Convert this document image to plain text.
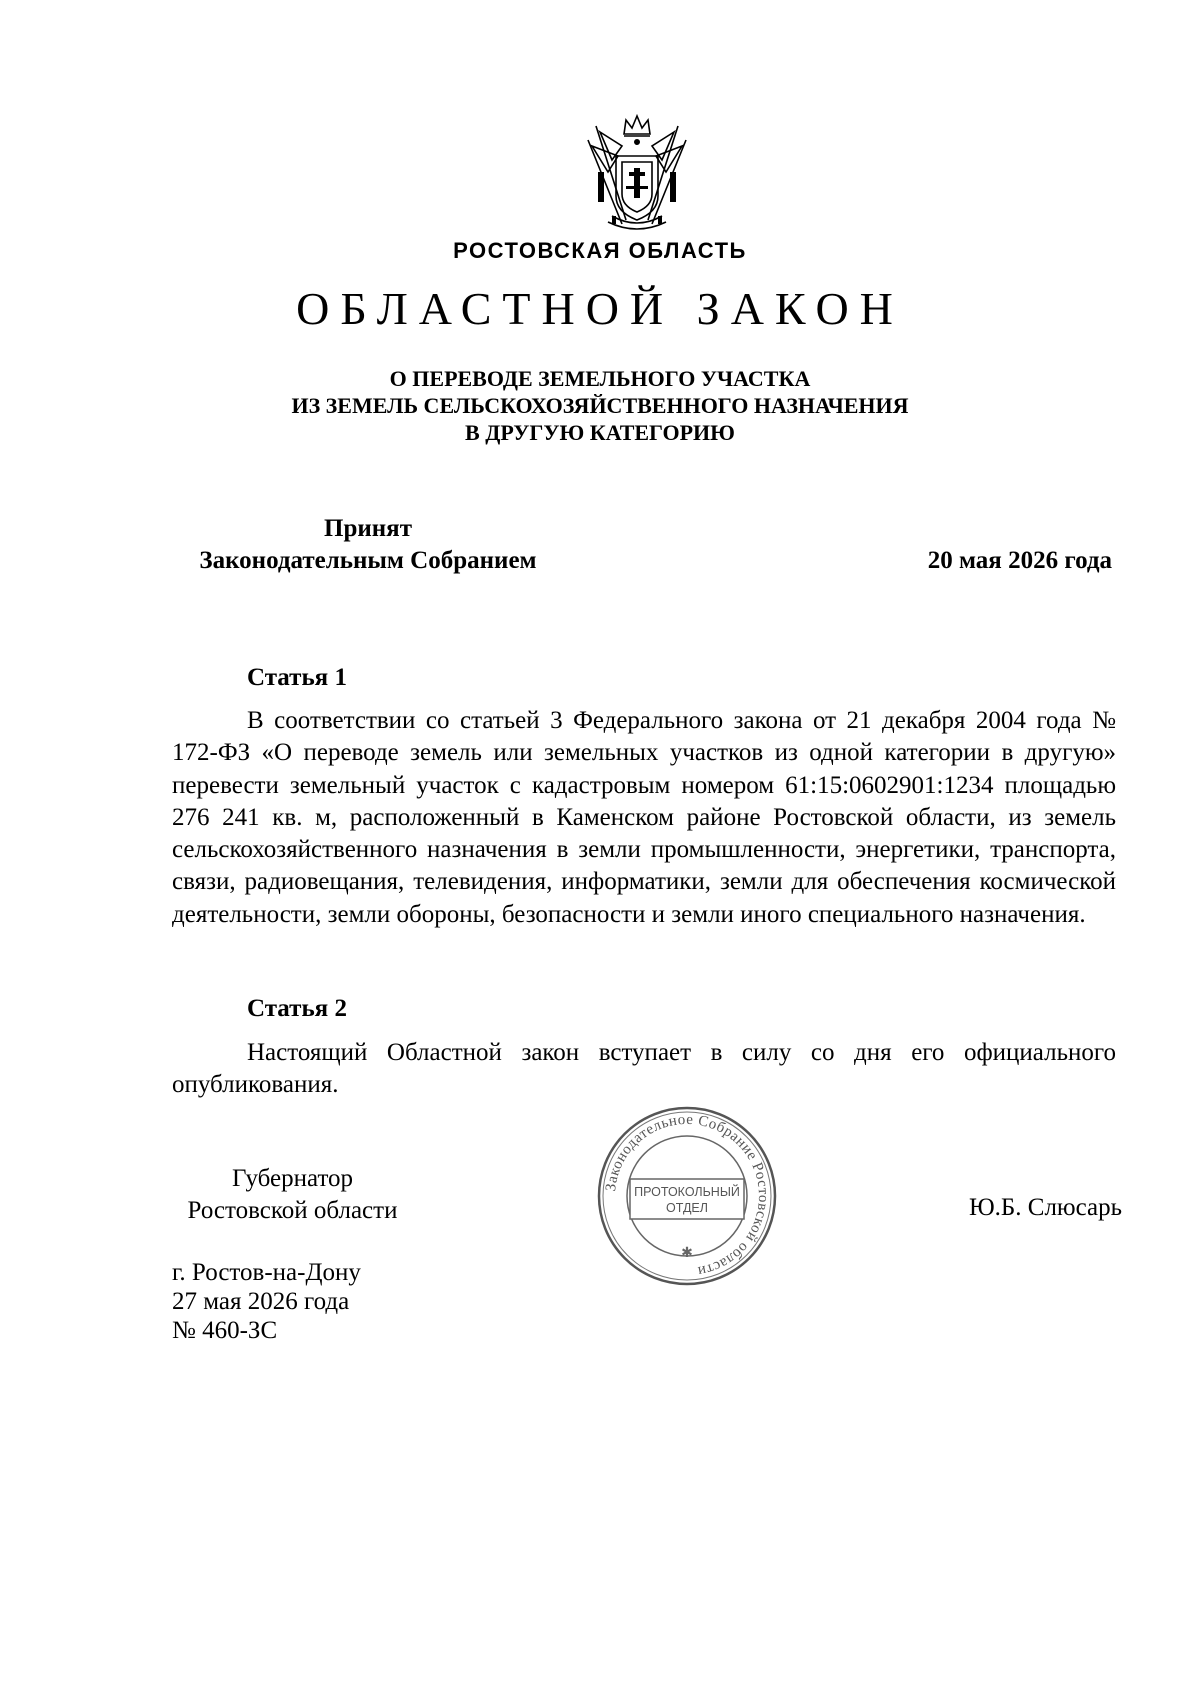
РОСТОВСКАЯ ОБЛАСТЬ
ОБЛАСТНОЙ ЗАКОН
О ПЕРЕВОДЕ ЗЕМЕЛЬНОГО УЧАСТКА
ИЗ ЗЕМЕЛЬ СЕЛЬСКОХОЗЯЙСТВЕННОГО НАЗНАЧЕНИЯ
В ДРУГУЮ КАТЕГОРИЮ
Принят
Законодательным Собранием	20 мая 2026 года
Статья 1

В соответствии со статьей 3 Федерального закона от 21 декабря 2004 года № 172-ФЗ «О переводе земель или земельных участков из одной категории в другую» перевести земельный участок с кадастровым номером 61:15:0602901:1234 площадью 276 241 кв. м, расположенный в Каменском районе Ростовской области, из земель сельскохозяйственного назначения в земли промышленности, энергетики, транспорта, связи, радиовещания, телевидения, информатики, земли для обеспечения космической деятельности, земли обороны, безопасности и земли иного специального назначения.

Статья 2

Настоящий Областной закон вступает в силу со дня его официального опубликования.

Губернатор
Ростовской области
Законодательное Собрание Ростовской области
✱
ПРОТОКОЛЬНЫЙ
ОТДЕЛ	Ю.Б. Слюсарь
г. Ростов-на-Дону
27 мая 2026 года
№ 460-ЗС
